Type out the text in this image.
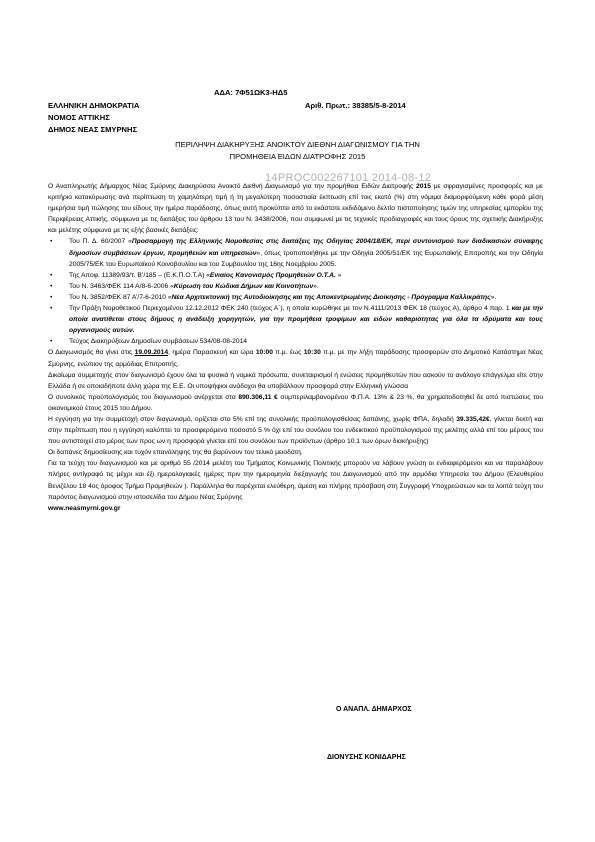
ΑΔΑ: 7Φ51ΩΚ3-ΗΔ5
ΕΛΛΗΝΙΚΗ ΔΗΜΟΚΡΑΤΙΑ	Αριθ. Πρωτ.: 38385/5-8-2014
ΝΟΜΟΣ ΑΤΤΙΚΗΣ
ΔΗΜΟΣ ΝΕΑΣ ΣΜΥΡΝΗΣ
ΠΕΡΙΛΗΨΗ ΔΙΑΚΗΡΥΞΗΣ ΑΝΟΙΚΤΟΥ ΔΙΕΘΝΗ ΔΙΑΓΩΝΙΣΜΟΥ ΓΙΑ ΤΗΝ
ΠΡΟΜΗΘΕΙΑ ΕΙΔΩΝ ΔΙΑΤΡΟΦΗΣ 2015
14PROC002267101 2014-08-12

Ο Αναπληρωτής Δήμαρχος Νέας Σμύρνης Διακηρύσσει Ανοικτό Διεθνή Διαγωνισμό για την προμήθεια Ειδών Διατροφής 2015 με σφραγισμένες προσφορές και με κριτήριο κατακύρωσης ανά περίπτωση τη χαμηλότερη τιμή ή τη μεγαλύτερη ποσοστιαία έκπτωση επί τοις εκατό (%) στη νόμιμα διαμορφούμενη κάθε φορά μέση ημερήσια τιμή πώλησης του είδους την ημέρα παράδοσης, όπως αυτή προκύπτει από το εκάστοτε εκδιδόμενο δελτίο πιστοποίησης τιμών της υπηρεσίας εμπορίου της Περιφέρειας Αττικής, σύμφωνα με τις διατάξεις του άρθρου 13 του Ν. 3438/2006, που συμφωνεί με τις τεχνικές προδιαγραφές και τους όρους της σχετικής Διακήρυξης και μελέτης σύμφωνα με τις εξής βασικές διατάξεις:

• Του Π. Δ. 60/2007 «Προσαρμογή της Ελληνικής Νομοθεσίας στις διατάξεις της Οδηγίας 2004/18/ΕΚ, περί συντονισμού των διαδικασιών σύναψης δημοσίων συμβάσεων έργων, προμηθειών και υπηρεσιών», όπως τροποποιήθηκε με την Οδηγία 2005/51/ΕΚ της Ευρωπαϊκής Επιτροπής και την Οδηγία 2005/75/ΕΚ του Ευρωπαϊκού Κοινοβουλίου και του Συμβουλίου της 16ης Νοεμβρίου 2005.
• Της Αποφ. 11389/93/τ. Β’/185 – (Ε.Κ.Π.Ο.Τ.Α) «Ενιαίος Κανονισμός Προμηθειών Ο.Τ.Α. »
• Του Ν. 3463/ΦΕΚ 114 Α/8-6-2006 «Κύρωση του Κώδικα Δήμων και Κοινοτήτων».
• Του Ν. 3852/ΦΕΚ 87 Α’/7-6-2010 «Νέα Αρχιτεκτονική της Αυτοδιοίκησης και της Αποκεντρωμένης Διοίκησης - Πρόγραμμα Καλλικράτης».
• Την Πράξη Νομοθετικού Περιεχομένου 12.12.2012 ΦΕΚ 240 (τεύχος Α΄), η οποία κυρώθηκε με τον Ν.4111/2013 ΦΕΚ 18 (τεύχος Α), άρθρο 4 παρ. 1 και με την οποία ανατίθεται στους δήμους η ανάδειξη χορηγητών, για την προμήθεια τροφίμων και ειδών καθαριότητας για όλα τα ιδρύματα και τους οργανισμούς αυτών.
• Τεύχος Διακηρύξεων Δημοσίων συμβάσεων 534/08-08-2014

Ο Διαγωνισμός θα γίνει στις 19.09.2014, ημέρα Παρασκευή και ώρα 10:00 π.μ. έως 10:30 π.μ. με την λήξη παράδοσης προσφορών στο Δημοτικό Κατάστημα Νέας Σμύρνης, ενώπιον της αρμόδιας Επιτροπής.

Δικαίωμα συμμετοχής στον διαγωνισμό έχουν όλα τα φυσικά ή νομικά πρόσωπα, συνεταιρισμοί ή ενώσεις προμηθευτών που ασκούν το ανάλογο επάγγελμα είτε στην Ελλάδα ή σε οποιαδήποτε άλλη χώρα της Ε.Ε. Οι υποψήφιοι ανάδοχοι θα υποβάλλουν προσφορά στην Ελληνική γλώσσα

Ο συνολικός προϋπολογισμός του διαγωνισμού ανέρχεται στα 890.306,11 € συμπεριλαμβανομένου Φ.Π.Α. 13% & 23 %, θα χρηματοδοτηθεί δε από πιστώσεις του οικονομικού έτους 2015 του Δήμου.

Η εγγύηση για την συμμετοχή στον διαγωνισμό, ορίζεται στο 5% επί της συνολικής προϋπολογισθείσας δαπάνης, χωρίς ΦΠΑ, δηλαδή 39.335,42€, γίνεται δεκτή και στην περίπτωση που η εγγύηση καλύπτει το προσφερόμενο ποσοστό 5 % όχι επί του συνόλου του ενδεικτικού προϋπολογισμού της μελέτης αλλά επί του μέρους του που αντιστοιχεί στο μέρος των προς ων η προσφορά γίνεται επί του συνόλου των προϊόντων (άρθρο 10.1 των όρων διακήρυξης)

Οι δαπάνες δημοσίευσης και τυχόν επανάληψης της θα βαρύνουν τον τελικό μειοδότη.

Για τα τεύχη του διαγωνισμού και με αριθμό 55 /2014 μελέτη του Τμήματος Κοινωνικής Πολιτικής μπορούν να λάβουν γνώση οι ενδιαφερόμενοι και να παραλάβουν πλήρες αντίγραφό τις μέχρι και έξι ημερολογιακές ημέρες πριν την ημερομηνία διεξαγωγής του Διαγωνισμού από την αρμόδια Υπηρεσία του Δήμου (Ελευθερίου Βενιζέλου 18 4ος όροφος Τμήμα Προμηθειών ). Παράλληλα θα παρέχεται ελεύθερη, άμεση και πλήρης πρόσβαση στη Συγγραφή Υποχρεώσεων και τα λοιπά τεύχη του παρόντος διαγωνισμού στην ιστοσελίδα του Δήμου Νέας Σμύρνης

www.neasmyrni.gov.gr

Ο ΑΝΑΠΛ. ΔΗΜΑΡΧΟΣ
ΔΙΟΝΥΣΗΣ ΚΟΝΙΔΑΡΗΣ
